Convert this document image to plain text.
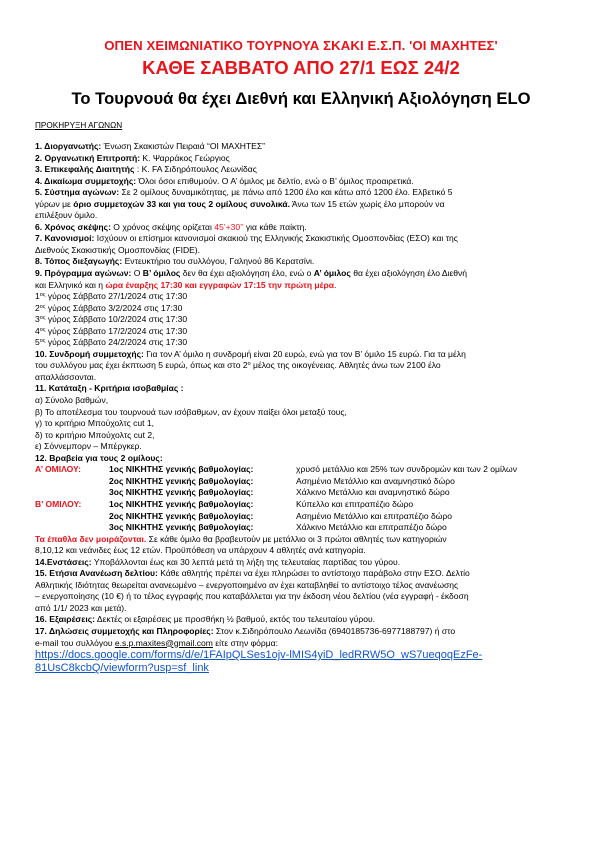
ΟΠΕΝ ΧΕΙΜΩΝΙΑΤΙΚΟ ΤΟΥΡΝΟΥΑ ΣΚΑΚΙ Ε.Σ.Π. 'ΟΙ ΜΑΧΗΤΕΣ'
ΚΑΘΕ ΣΑΒΒΑΤΟ ΑΠΟ 27/1 ΕΩΣ 24/2
Το Τουρνουά θα έχει Διεθνή και Ελληνική Αξιολόγηση ELO
ΠΡΟΚΗΡΥΞΗ ΑΓΩΝΩΝ
1. Διοργανωτής: Ένωση Σκακιστών Πειραιά “ΟΙ ΜΑΧΗΤΕΣ”
2. Οργανωτική Επιτροπή: Κ. Ψαρράκος Γεώργιος
3. Επικεφαλής Διαιτητής : Κ. FA Σιδηρόπουλος Λεωνίδας
4. Δικαίωμα συμμετοχής: Όλοι όσοι επιθυμούν. Ο Α’ όμιλος με δελτίο, ενώ ο Β’ όμιλος προαιρετικά.
5. Σύστημα αγώνων: Σε 2 ομίλους δυναμικότητας, με πάνω από 1200 έλο και κάτω από 1200 έλο. Ελβετικό 5
γύρων με όριο συμμετοχών 33 και για τους 2 ομίλους συνολικά. Άνω των 15 ετών χωρίς έλο μπορούν να
επιλέξουν όμιλο.
6. Χρόνος σκέψης: Ο χρόνος σκέψης ορίζεται 45’+30’’ για κάθε παίκτη.
7. Κανονισμοί: Ισχύουν οι επίσημοι κανονισμοί σκακιού της Ελληνικής Σκακιστικής Ομοσπονδίας (ΕΣΟ) και της
Διεθνούς Σκακιστικής Ομοσπονδίας (FIDE).
8. Τόπος διεξαγωγής: Εντευκτήριο του συλλόγου, Γαληνού 86 Κερατσίνι.
9. Πρόγραμμα αγώνων: Ο Β’ όμιλος δεν θα έχει αξιολόγηση έλο, ενώ ο Α’ όμιλος θα έχει αξιολόγηση έλο Διεθνή
και Ελληνικό και η ώρα έναρξης 17:30 και εγγραφών 17:15 την πρώτη μέρα.
$1^{o\varsigma}$ γύρος Σάββατο 27/1/2024 στις 17:30
$2^{o\varsigma}$ γύρος Σάββατο 3/2/2024 στις 17:30
$3^{o\varsigma}$ γύρος Σάββατο 10/2/2024 στις 17:30
$4^{o\varsigma}$ γύρος Σάββατο 17/2/2024 στις 17:30
$5^{o\varsigma}$ γύρος Σάββατο 24/2/2024 στις 17:30
10. Συνδρομή συμμετοχής: Για τον Α’ όμιλο η συνδρομή είναι 20 ευρώ, ενώ για τον Β’ όμιλο 15 ευρώ. Για τα μέλη
του συλλόγου μας έχει έκπτωση 5 ευρώ, όπως και στο $2^o$ μέλος της οικογένειας. Αθλητές άνω των 2100 έλο
απαλλάσσονται.
11. Κατάταξη - Κριτήρια ισοβαθμίας :
α) Σύνολο βαθμών,
β) Το αποτέλεσμα του τουρνουά των ισόβαθμων, αν έχουν παίξει όλοι μεταξύ τους,
γ) το κριτήριο Μπούχολτς cut 1,
δ) το κριτήριο Μπούχολτς cut 2,
ε) Σόννεμπορν – Μπέργκερ.
12. Βραβεία για τους 2 ομίλους:
Α’ ΟΜΙΛΟΥ:	1ος ΝΙΚΗΤΗΣ γενικής βαθμολογίας:	χρυσό μετάλλιο και 25% των συνδρομών και των 2 ομίλων
2ος ΝΙΚΗΤΗΣ γενικής βαθμολογίας:	Ασημένιο Μετάλλιο και αναμνηστικό δώρο
3ος ΝΙΚΗΤΗΣ γενικής βαθμολογίας:	Χάλκινο Μετάλλιο και αναμνηστικό δώρο
Β’ ΟΜΙΛΟΥ:	1ος ΝΙΚΗΤΗΣ γενικής βαθμολογίας:	Κύπελλο και επιτραπέζιο δώρο
2ος ΝΙΚΗΤΗΣ γενικής βαθμολογίας:	Ασημένιο Μετάλλιο και επιτραπέζιο δώρο
3ος ΝΙΚΗΤΗΣ γενικής βαθμολογίας:	Χάλκινο Μετάλλιο και επιτραπέζιο δώρο
Τα έπαθλα δεν μοιράζονται. Σε κάθε όμιλο θα βραβευτούν με μετάλλιο οι 3 πρώτοι αθλητές των κατηγοριών
8,10,12 και νεάνιδες έως 12 ετών. Προϋπόθεση να υπάρχουν 4 αθλητές ανά κατηγορία.
14.Ενστάσεις: Υποβάλλονται έως και 30 λεπτά μετά τη λήξη της τελευταίας παρτίδας του γύρου.
15. Ετήσια Ανανέωση δελτίου: Κάθε αθλητής πρέπει να έχει πληρώσει το αντίστοιχο παράβολο στην ΕΣΟ. Δελτίο
Αθλητικής Ιδιότητας θεωρείται ανανεωμένο – ενεργοποιημένο αν έχει καταβληθεί το αντίστοιχο τέλος ανανέωσης
– ενεργοποίησης (10 €) ή το τέλος εγγραφής που καταβάλλεται για την έκδοση νέου δελτίου (νέα εγγραφή - έκδοση
από 1/1/ 2023 και μετά).
16. Εξαιρέσεις: Δεκτές οι εξαιρέσεις με προσθήκη ½ βαθμού, εκτός του τελευταίου γύρου.
17. Δηλώσεις συμμετοχής και Πληροφορίες: Στον κ.Σιδηρόπουλο Λεωνίδα (6940185736-6977188797) ή στο
e-mail του συλλόγου e.s.p.maxites@gmail.com είτε στην φόρμα:
https://docs.google.com/forms/d/e/1FAIpQLSes1ojv-lMIS4yiD_ledRRW5O_wS7ueqoqEzFe-
81UsC8kcbQ/viewform?usp=sf_link
